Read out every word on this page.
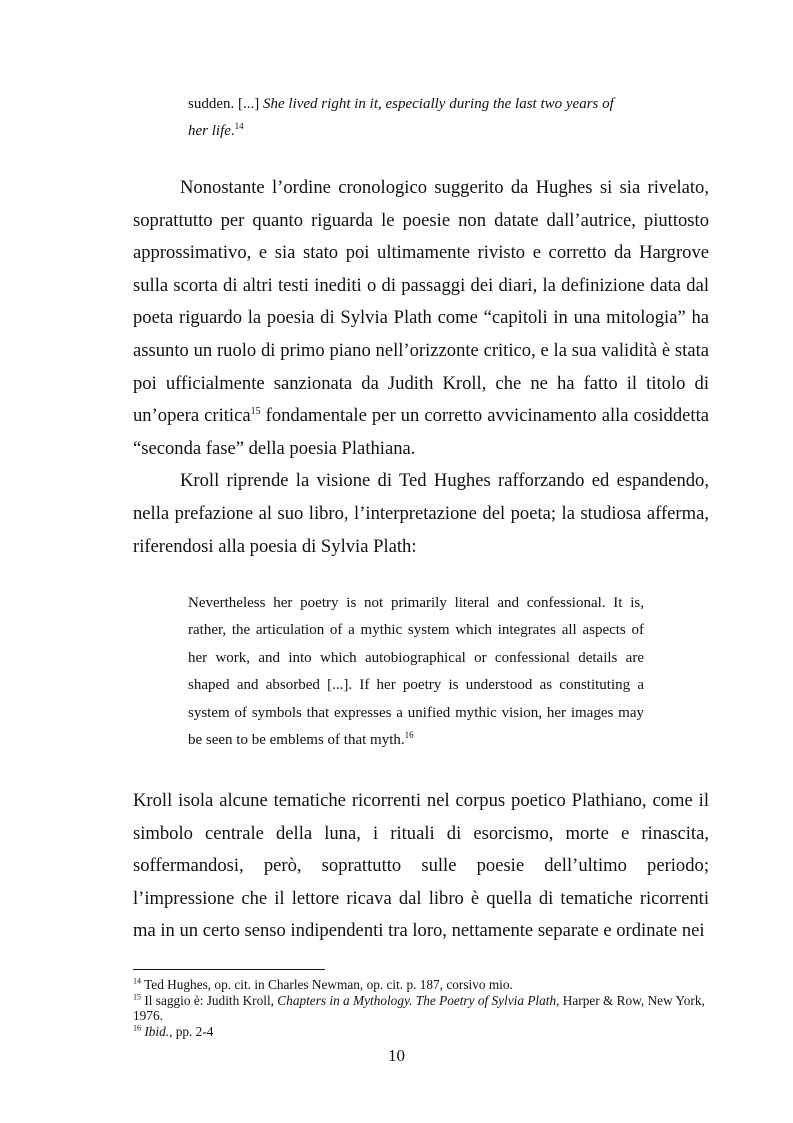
sudden. [...] She lived right in it, especially during the last two years of

her life.$^{14}$

Nonostante l’ordine cronologico suggerito da Hughes si sia rivelato, soprattutto per quanto riguarda le poesie non datate dall’autrice, piuttosto approssimativo, e sia stato poi ultimamente rivisto e corretto da Hargrove sulla scorta di altri testi inediti o di passaggi dei diari, la definizione data dal poeta riguardo la poesia di Sylvia Plath come “capitoli in una mitologia” ha assunto un ruolo di primo piano nell’orizzonte critico, e la sua validità è stata poi ufficialmente sanzionata da Judith Kroll, che ne ha fatto il titolo di un’opera critica$^{15}$ fondamentale per un corretto avvicinamento alla cosiddetta “seconda fase” della poesia Plathiana.

Kroll riprende la visione di Ted Hughes rafforzando ed espandendo, nella prefazione al suo libro, l’interpretazione del poeta; la studiosa afferma, riferendosi alla poesia di Sylvia Plath:

Nevertheless her poetry is not primarily literal and confessional. It is, rather, the articulation of a mythic system which integrates all aspects of her work, and into which autobiographical or confessional details are shaped and absorbed [...]. If her poetry is understood as constituting a system of symbols that expresses a unified mythic vision, her images may be seen to be emblems of that myth.$^{16}$

Kroll isola alcune tematiche ricorrenti nel corpus poetico Plathiano, come il simbolo centrale della luna, i rituali di esorcismo, morte e rinascita, soffermandosi, però, soprattutto sulle poesie dell’ultimo periodo; l’impressione che il lettore ricava dal libro è quella di tematiche ricorrenti ma in un certo senso indipendenti tra loro, nettamente separate e ordinate nei

$^{14}$ Ted Hughes, op. cit. in Charles Newman, op. cit. p. 187, corsivo mio.

$^{15}$ Il saggio è: Judith Kroll, Chapters in a Mythology. The Poetry of Sylvia Plath, Harper & Row, New York, 1976.

$^{16}$ Ibid., pp. 2-4

10
